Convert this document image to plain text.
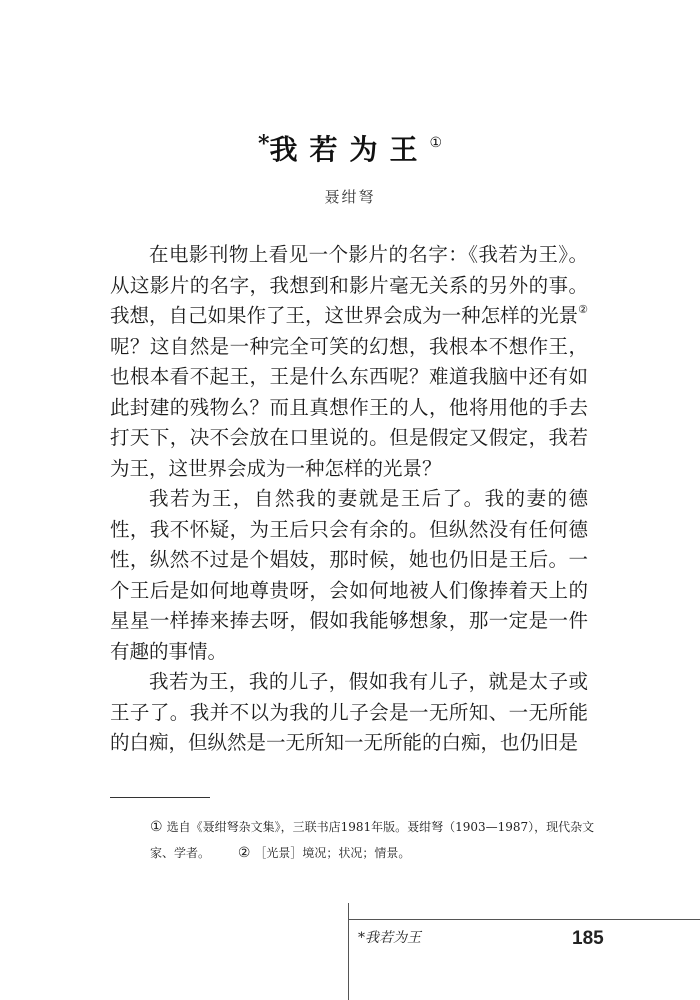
*我若为王①
聂绀弩

在电影刊物上看见一个影片的名字：《我若为王》。从这影片的名字，我想到和影片毫无关系的另外的事。我想，自己如果作了王，这世界会成为一种怎样的光景②呢？这自然是一种完全可笑的幻想，我根本不想作王，也根本看不起王，王是什么东西呢？难道我脑中还有如此封建的残物么？而且真想作王的人，他将用他的手去打天下，决不会放在口里说的。但是假定又假定，我若为王，这世界会成为一种怎样的光景？

我若为王，自然我的妻就是王后了。我的妻的德性，我不怀疑，为王后只会有余的。但纵然没有任何德性，纵然不过是个娼妓，那时候，她也仍旧是王后。一个王后是如何地尊贵呀，会如何地被人们像捧着天上的星星一样捧来捧去呀，假如我能够想象，那一定是一件有趣的事情。

我若为王，我的儿子，假如我有儿子，就是太子或王子了。我并不以为我的儿子会是一无所知、一无所能的白痴，但纵然是一无所知一无所能的白痴，也仍旧是

① 选自《聂绀弩杂文集》，三联书店1981年版。聂绀弩（1903—1987），现代杂文家、学者。 ② ［光景］境况；状况；情景。
*我若为王	185
